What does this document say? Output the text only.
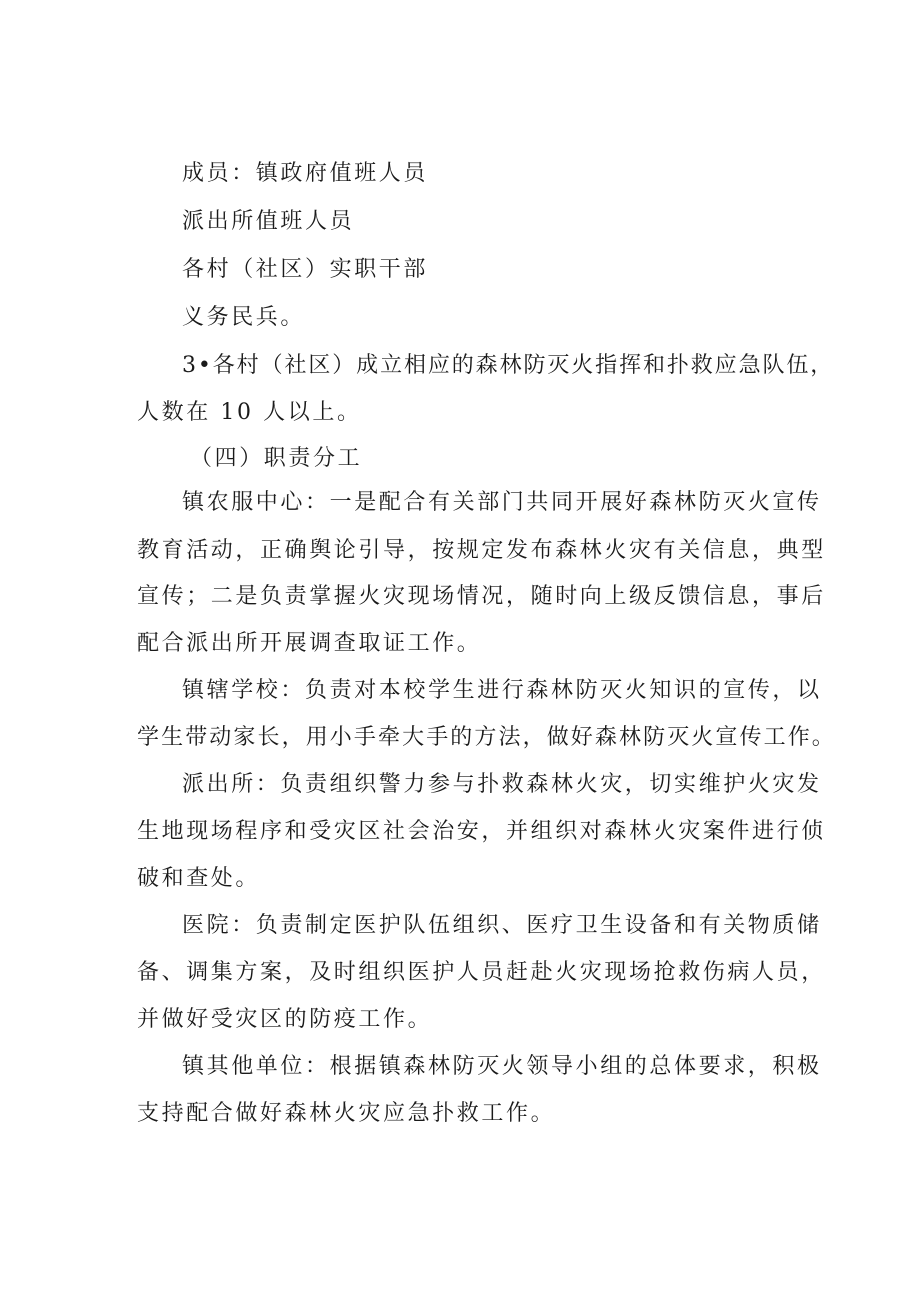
成员：镇政府值班人员

派出所值班人员

各村（社区）实职干部

义务民兵。

3•各村（社区）成立相应的森林防灭火指挥和扑救应急队伍，

人数在 10 人以上。

（四）职责分工

镇农服中心：一是配合有关部门共同开展好森林防灭火宣传

教育活动，正确舆论引导，按规定发布森林火灾有关信息，典型

宣传；二是负责掌握火灾现场情况，随时向上级反馈信息，事后

配合派出所开展调查取证工作。

镇辖学校：负责对本校学生进行森林防灭火知识的宣传，以

学生带动家长，用小手牵大手的方法，做好森林防灭火宣传工作。

派出所：负责组织警力参与扑救森林火灾，切实维护火灾发

生地现场程序和受灾区社会治安，并组织对森林火灾案件进行侦

破和查处。

医院：负责制定医护队伍组织、医疗卫生设备和有关物质储

备、调集方案，及时组织医护人员赶赴火灾现场抢救伤病人员，

并做好受灾区的防疫工作。

镇其他单位：根据镇森林防灭火领导小组的总体要求，积极

支持配合做好森林火灾应急扑救工作。
